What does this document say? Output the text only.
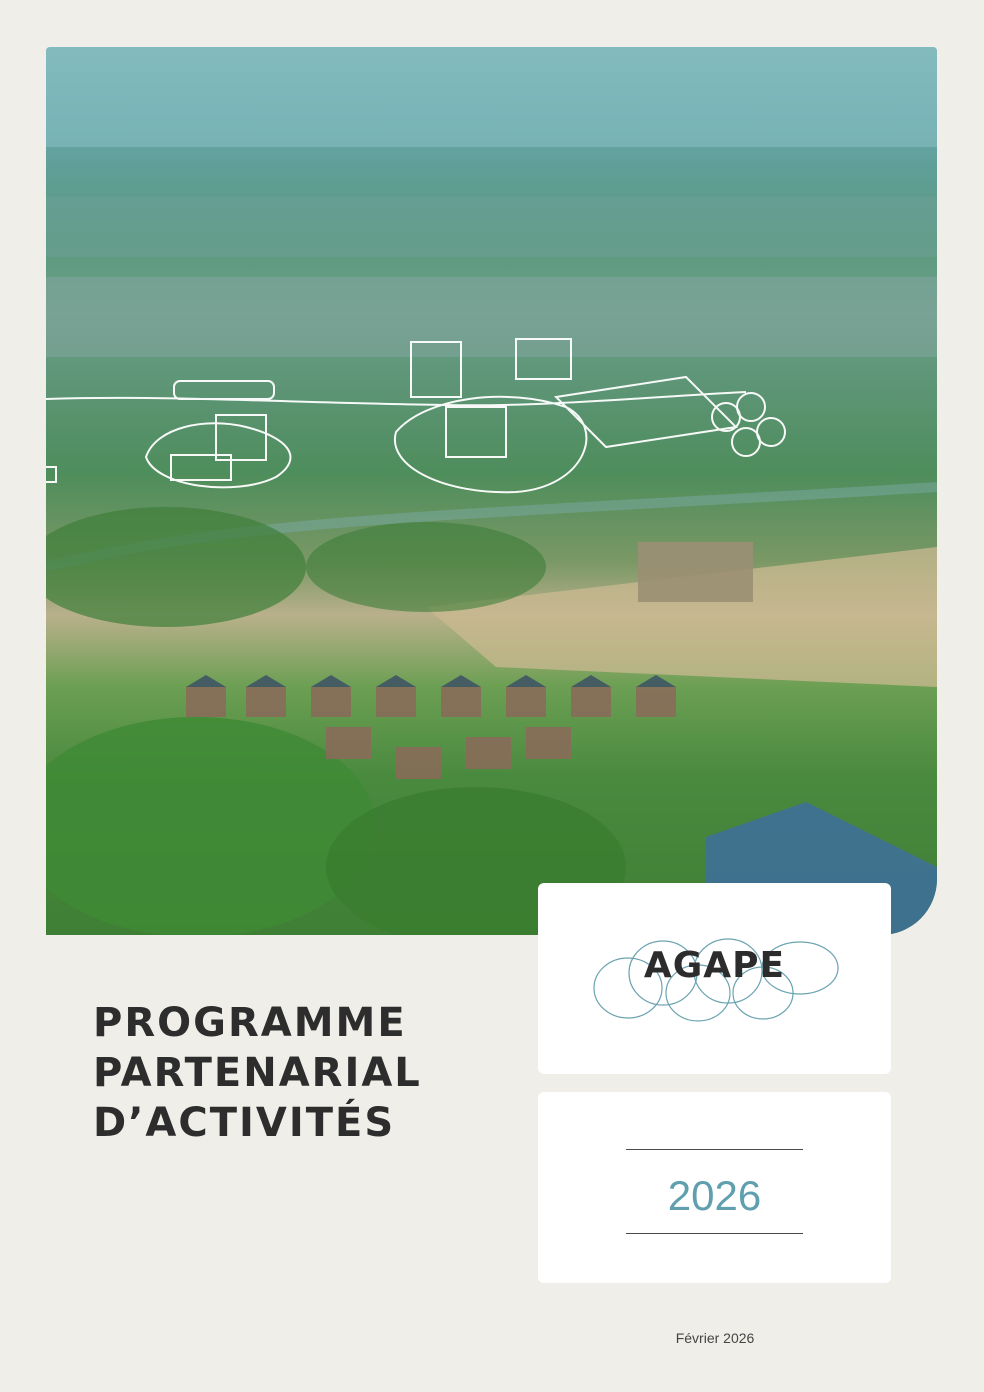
AGAPE
2026
PROGRAMME
PARTENARIAL
D’ACTIVITÉS
Février 2026
